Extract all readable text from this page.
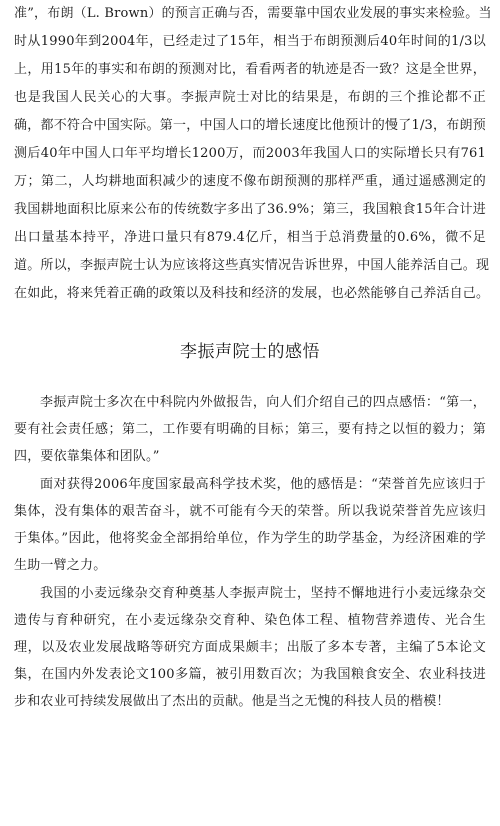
准”，布朗（L. Brown）的预言正确与否，需要靠中国农业发展的事实来检验。当
时从1990年到2004年，已经走过了15年，相当于布朗预测后40年时间的1/3以
上，用15年的事实和布朗的预测对比，看看两者的轨迹是否一致？这是全世界，
也是我国人民关心的大事。李振声院士对比的结果是，布朗的三个推论都不正
确，都不符合中国实际。第一，中国人口的增长速度比他预计的慢了1/3，布朗预
测后40年中国人口年平均增长1200万，而2003年我国人口的实际增长只有761
万；第二，人均耕地面积减少的速度不像布朗预测的那样严重，通过遥感测定的
我国耕地面积比原来公布的传统数字多出了36.9%；第三，我国粮食15年合计进
出口量基本持平，净进口量只有879.4亿斤，相当于总消费量的0.6%，微不足
道。所以，李振声院士认为应该将这些真实情况告诉世界，中国人能养活自己。现
在如此，将来凭着正确的政策以及科技和经济的发展，也必然能够自己养活自己。
李振声院士的感悟
李振声院士多次在中科院内外做报告，向人们介绍自己的四点感悟：“第一，
要有社会责任感；第二，工作要有明确的目标；第三，要有持之以恒的毅力；第
四，要依靠集体和团队。”
面对获得2006年度国家最高科学技术奖，他的感悟是：“荣誉首先应该归于
集体，没有集体的艰苦奋斗，就不可能有今天的荣誉。所以我说荣誉首先应该归
于集体。”因此，他将奖金全部捐给单位，作为学生的助学基金，为经济困难的学
生助一臂之力。
我国的小麦远缘杂交育种奠基人李振声院士，坚持不懈地进行小麦远缘杂交
遗传与育种研究，在小麦远缘杂交育种、染色体工程、植物营养遗传、光合生
理，以及农业发展战略等研究方面成果颇丰；出版了多本专著，主编了5本论文
集，在国内外发表论文100多篇，被引用数百次；为我国粮食安全、农业科技进
步和农业可持续发展做出了杰出的贡献。他是当之无愧的科技人员的楷模！
